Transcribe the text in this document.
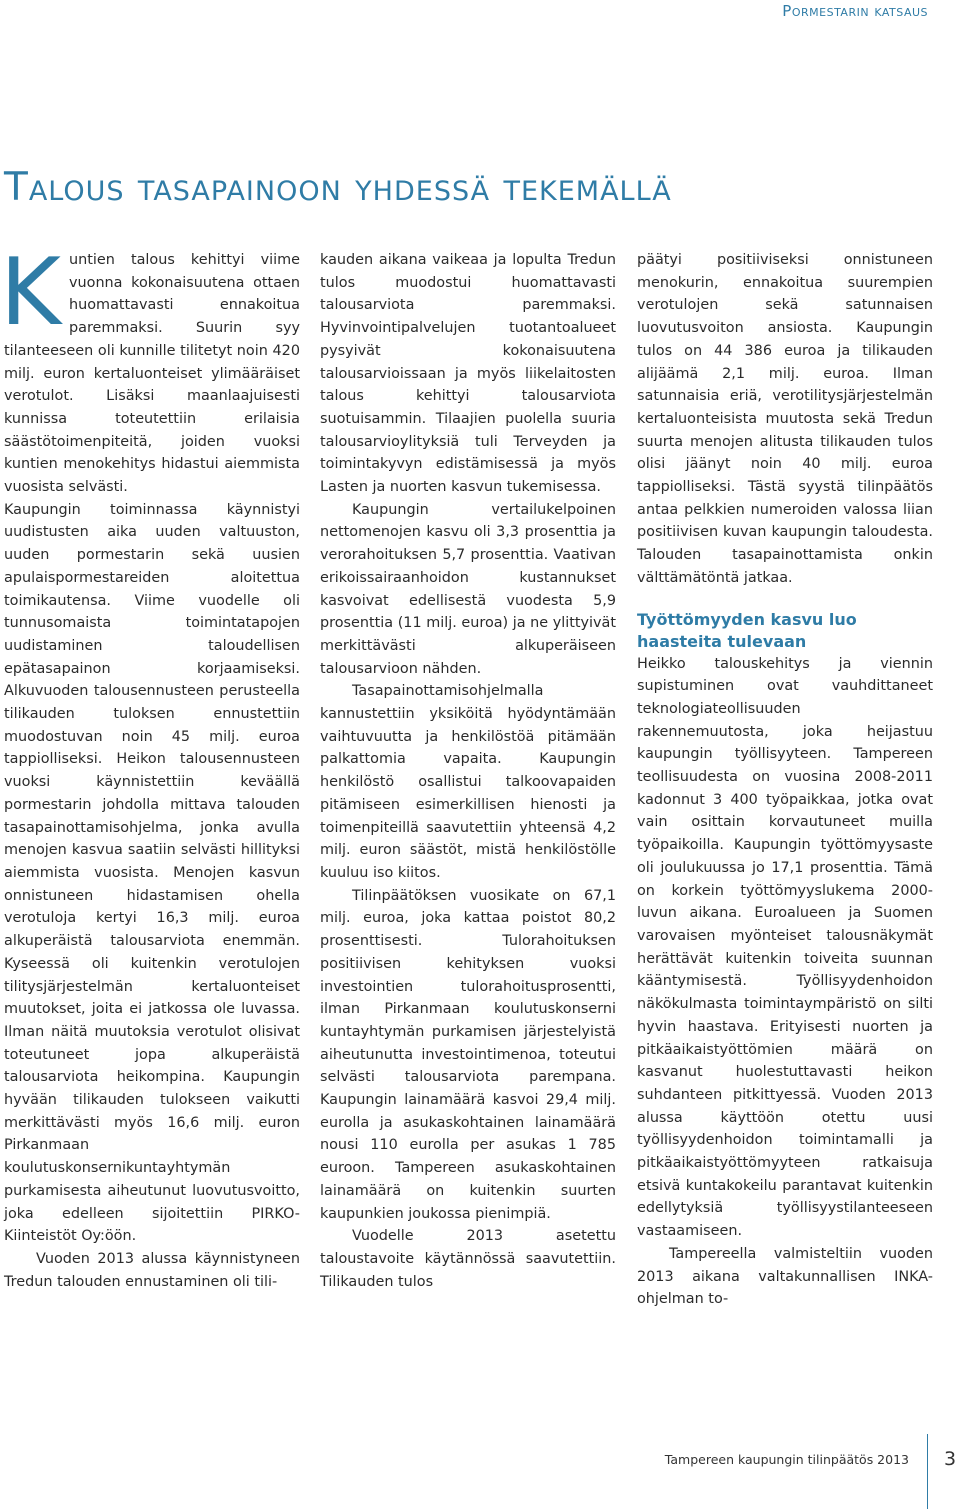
Pormestarin katsaus
Talous tasapainoon yhdessä tekemällä

Kuntien talous kehittyi viime vuonna kokonaisuutena ottaen huomattavasti ennakoitua paremmaksi. Suurin syy tilanteeseen oli kunnille tilitetyt noin 420 milj. euron kertaluonteiset ylimääräiset verotulot. Lisäksi maanlaajuisesti kunnissa toteutettiin erilaisia säästötoimenpiteitä, joiden vuoksi kuntien menokehitys hidastui aiemmista vuosista selvästi.

Kaupungin toiminnassa käynnistyi uudistusten aika uuden valtuuston, uuden pormestarin sekä uusien apulaispormestareiden aloitettua toimikautensa. Viime vuodelle oli tunnusomaista toimintatapojen uudistaminen taloudellisen epätasapainon korjaamiseksi. Alkuvuoden talousennusteen perusteella tilikauden tuloksen ennustettiin muodostuvan noin 45 milj. euroa tappiolliseksi. Heikon talousennusteen vuoksi käynnistettiin keväällä pormestarin johdolla mittava talouden tasapainottamisohjelma, jonka avulla menojen kasvua saatiin selvästi hillityksi aiemmista vuosista. Menojen kasvun onnistuneen hidastamisen ohella verotuloja kertyi 16,3 milj. euroa alkuperäistä talousarviota enemmän. Kyseessä oli kuitenkin verotulojen tilitysjärjestelmän kertaluonteiset muutokset, joita ei jatkossa ole luvassa. Ilman näitä muutoksia verotulot olisivat toteutuneet jopa alkuperäistä talousarviota heikompina. Kaupungin hyvään tilikauden tulokseen vaikutti merkittävästi myös 16,6 milj. euron Pirkanmaan koulutuskonsernikuntayhtymän purkamisesta aiheutunut luovutusvoitto, joka edelleen sijoitettiin PIRKO-Kiinteistöt Oy:öön.

Vuoden 2013 alussa käynnistyneen Tredun talouden ennustaminen oli tili-

kauden aikana vaikeaa ja lopulta Tredun tulos muodostui huomattavasti talousarviota paremmaksi. Hyvinvointipalvelujen tuotantoalueet pysyivät kokonaisuutena talousarvioissaan ja myös liikelaitosten talous kehittyi talousarviota suotuisammin. Tilaajien puolella suuria talousarvioylityksiä tuli Terveyden ja toimintakyvyn edistämisessä ja myös Lasten ja nuorten kasvun tukemisessa.

Kaupungin vertailukelpoinen nettomenojen kasvu oli 3,3 prosenttia ja verorahoituksen 5,7 prosenttia. Vaativan erikoissairaanhoidon kustannukset kasvoivat edellisestä vuodesta 5,9 prosenttia (11 milj. euroa) ja ne ylittyivät merkittävästi alkuperäiseen talousarvioon nähden.

Tasapainottamisohjelmalla kannustettiin yksiköitä hyödyntämään vaihtuvuutta ja henkilöstöä pitämään palkattomia vapaita. Kaupungin henkilöstö osallistui talkoovapaiden pitämiseen esimerkillisen hienosti ja toimenpiteillä saavutettiin yhteensä 4,2 milj. euron säästöt, mistä henkilöstölle kuuluu iso kiitos.

Tilinpäätöksen vuosikate on 67,1 milj. euroa, joka kattaa poistot 80,2 prosenttisesti. Tulorahoituksen positiivisen kehityksen vuoksi investointien tulorahoitusprosentti, ilman Pirkanmaan koulutuskonserni kuntayhtymän purkamisen järjestelyistä aiheutunutta investointimenoa, toteutui selvästi talousarviota parempana. Kaupungin lainamäärä kasvoi 29,4 milj. eurolla ja asukaskohtainen lainamäärä nousi 110 eurolla per asukas 1 785 euroon. Tampereen asukaskohtainen lainamäärä on kuitenkin suurten kaupunkien joukossa pienimpiä.

Vuodelle 2013 asetettu taloustavoite käytännössä saavutettiin. Tilikauden tulos

päätyi positiiviseksi onnistuneen menokurin, ennakoitua suurempien verotulojen sekä satunnaisen luovutusvoiton ansiosta. Kaupungin tulos on 44 386 euroa ja tilikauden alijäämä 2,1 milj. euroa. Ilman satunnaisia eriä, verotilitysjärjestelmän kertaluonteisista muutosta sekä Tredun suurta menojen alitusta tilikauden tulos olisi jäänyt noin 40 milj. euroa tappiolliseksi. Tästä syystä tilinpäätös antaa pelkkien numeroiden valossa liian positiivisen kuvan kaupungin taloudesta. Talouden tasapainottamista onkin välttämätöntä jatkaa.

Työttömyyden kasvu luo haasteita tulevaan

Heikko talouskehitys ja viennin supistuminen ovat vauhdittaneet teknologiateollisuuden rakennemuutosta, joka heijastuu kaupungin työllisyyteen. Tampereen teollisuudesta on vuosina 2008-2011 kadonnut 3 400 työpaikkaa, jotka ovat vain osittain korvautuneet muilla työpaikoilla. Kaupungin työttömyysaste oli joulukuussa jo 17,1 prosenttia. Tämä on korkein työttömyyslukema 2000-luvun aikana. Euroalueen ja Suomen varovaisen myönteiset talousnäkymät herättävät kuitenkin toiveita suunnan kääntymisestä. Työllisyydenhoidon näkökulmasta toimintaympäristö on silti hyvin haastava. Erityisesti nuorten ja pitkäaikaistyöttömien määrä on kasvanut huolestuttavasti heikon suhdanteen pitkittyessä. Vuoden 2013 alussa käyttöön otettu uusi työllisyydenhoidon toimintamalli ja pitkäaikaistyöttömyyteen ratkaisuja etsivä kuntakokeilu parantavat kuitenkin edellytyksiä työllisyystilanteeseen vastaamiseen.

Tampereella valmisteltiin vuoden 2013 aikana valtakunnallisen INKA-ohjelman to-

Tampereen kaupungin tilinpäätös 2013 3
